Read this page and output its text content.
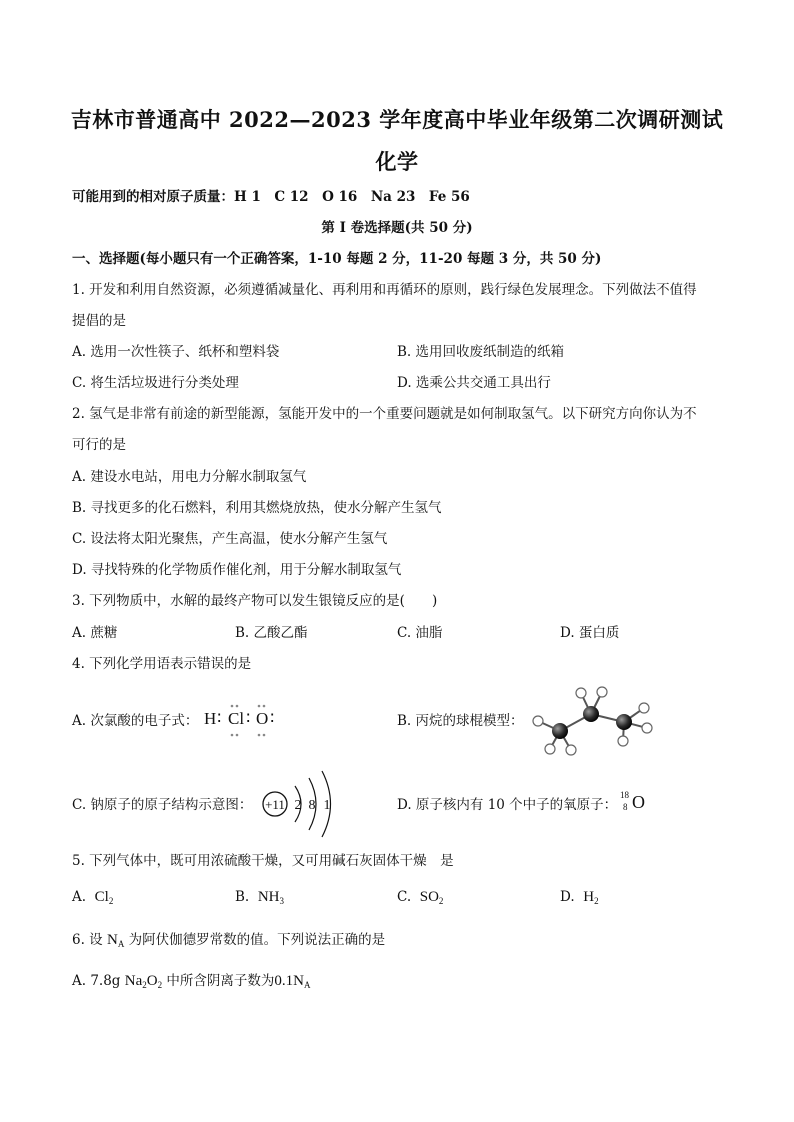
吉林市普通高中 2022—2023 学年度高中毕业年级第二次调研测试
化学
可能用到的相对原子质量：H 1　C 12　O 16　Na 23　Fe 56
第 I 卷选择题(共 50 分)
一、选择题(每小题只有一个正确答案，1-10 每题 2 分，11-20 每题 3 分，共 50 分)
1. 开发和利用自然资源，必须遵循减量化、再利用和再循环的原则，践行绿色发展理念。下列做法不值得
提倡的是
A. 选用一次性筷子、纸杯和塑料袋	B. 选用回收废纸制造的纸箱
C. 将生活垃圾进行分类处理	D. 选乘公共交通工具出行
2. 氢气是非常有前途的新型能源，氢能开发中的一个重要问题就是如何制取氢气。以下研究方向你认为不
可行的是
A. 建设水电站，用电力分解水制取氢气
B. 寻找更多的化石燃料，利用其燃烧放热，使水分解产生氢气
C. 设法将太阳光聚焦，产生高温，使水分解产生氢气
D. 寻找特殊的化学物质作催化剂，用于分解水制取氢气
3. 下列物质中，水解的最终产物可以发生银镜反应的是(　　)
A. 蔗糖	B. 乙酸乙酯	C. 油脂	D. 蛋白质
4. 下列化学用语表示错误的是
A. 次氯酸的电子式： H ∶ Cl ∶ O ∶	B. 丙烷的球棍模型：
C. 钠原子的原子结构示意图： +11 2 8 1	D. 原子核内有 10 个中子的氧原子：
18
8 O
5. 下列气体中，既可用浓硫酸干燥，又可用碱石灰固体干燥　是
A. $Cl_2$	B. $NH_3$	C. $SO_2$	D. $H_2$
6. 设 $N_A$ 为阿伏伽德罗常数的值。下列说法正确的是
A. 7.8g $Na_2O_2$ 中所含阴离子数为$0.1N_A$
